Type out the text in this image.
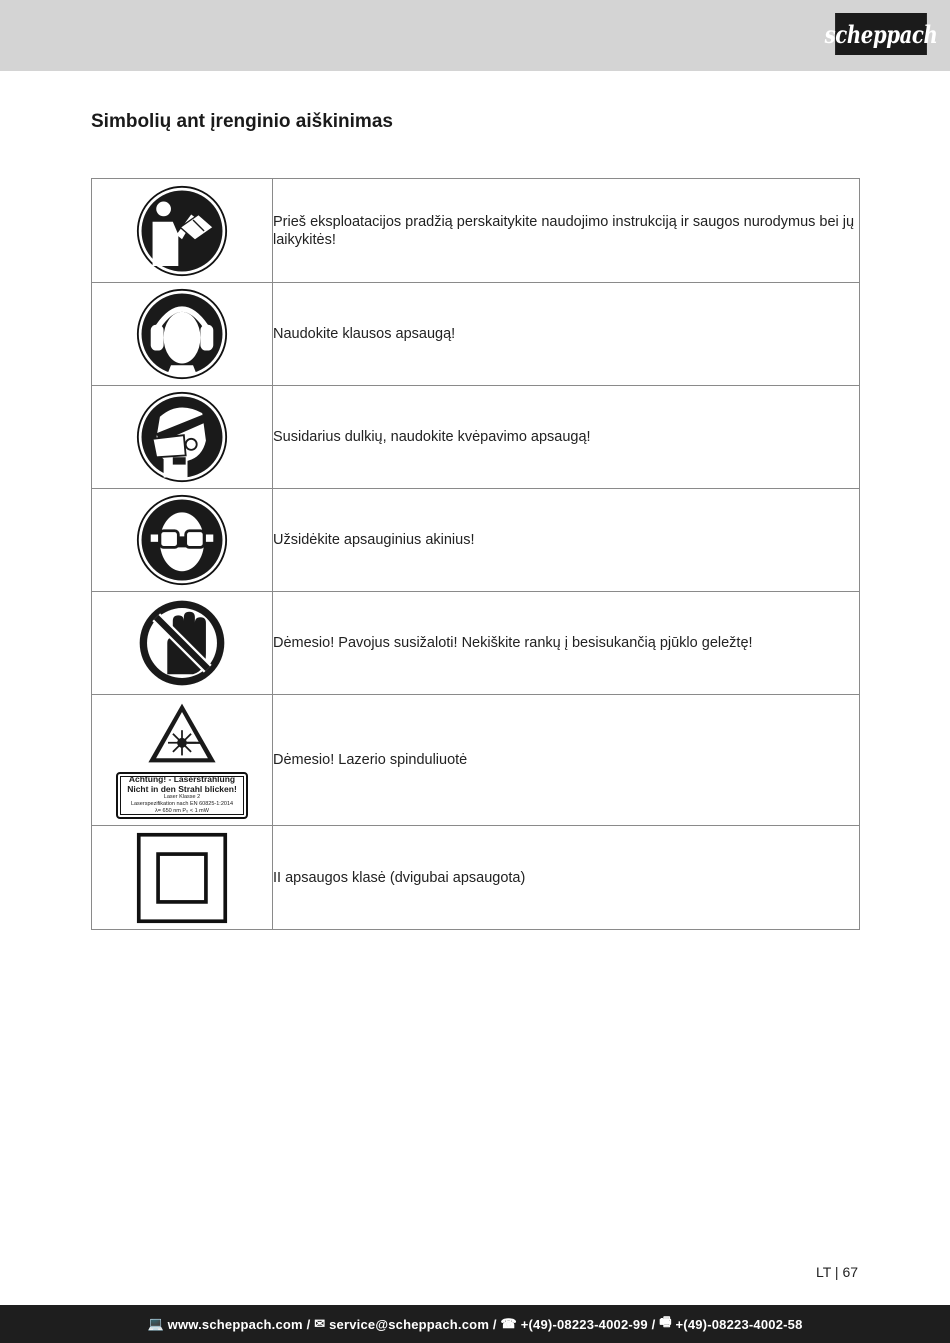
scheppach
Simbolių ant įrenginio aiškinimas
	Prieš eksploatacijos pradžią perskaitykite naudojimo instrukciją ir saugos nurodymus bei jų laikykitės!

	Naudokite klausos apsaugą!

	Susidarius dulkių, naudokite kvėpavimo apsaugą!

	Užsidėkite apsauginius akinius!

	Dėmesio! Pavojus susižaloti! Nekiškite rankų į besisukančią pjūklo geležtę!

Achtung! - Laserstrahlung
Nicht in den Strahl blicken!
Laser Klasse 2
Laserspezifikation nach EN 60825-1:2014
λ= 650 nm P₀ < 1 mW	Dėmesio! Lazerio spinduliuotė

	II apsaugos klasė (dvigubai apsaugota)
LT | 67
💻 www.scheppach.com / ✉ service@scheppach.com / ☎ +(49)-08223-4002-99 / 🖷 +(49)-08223-4002-58
